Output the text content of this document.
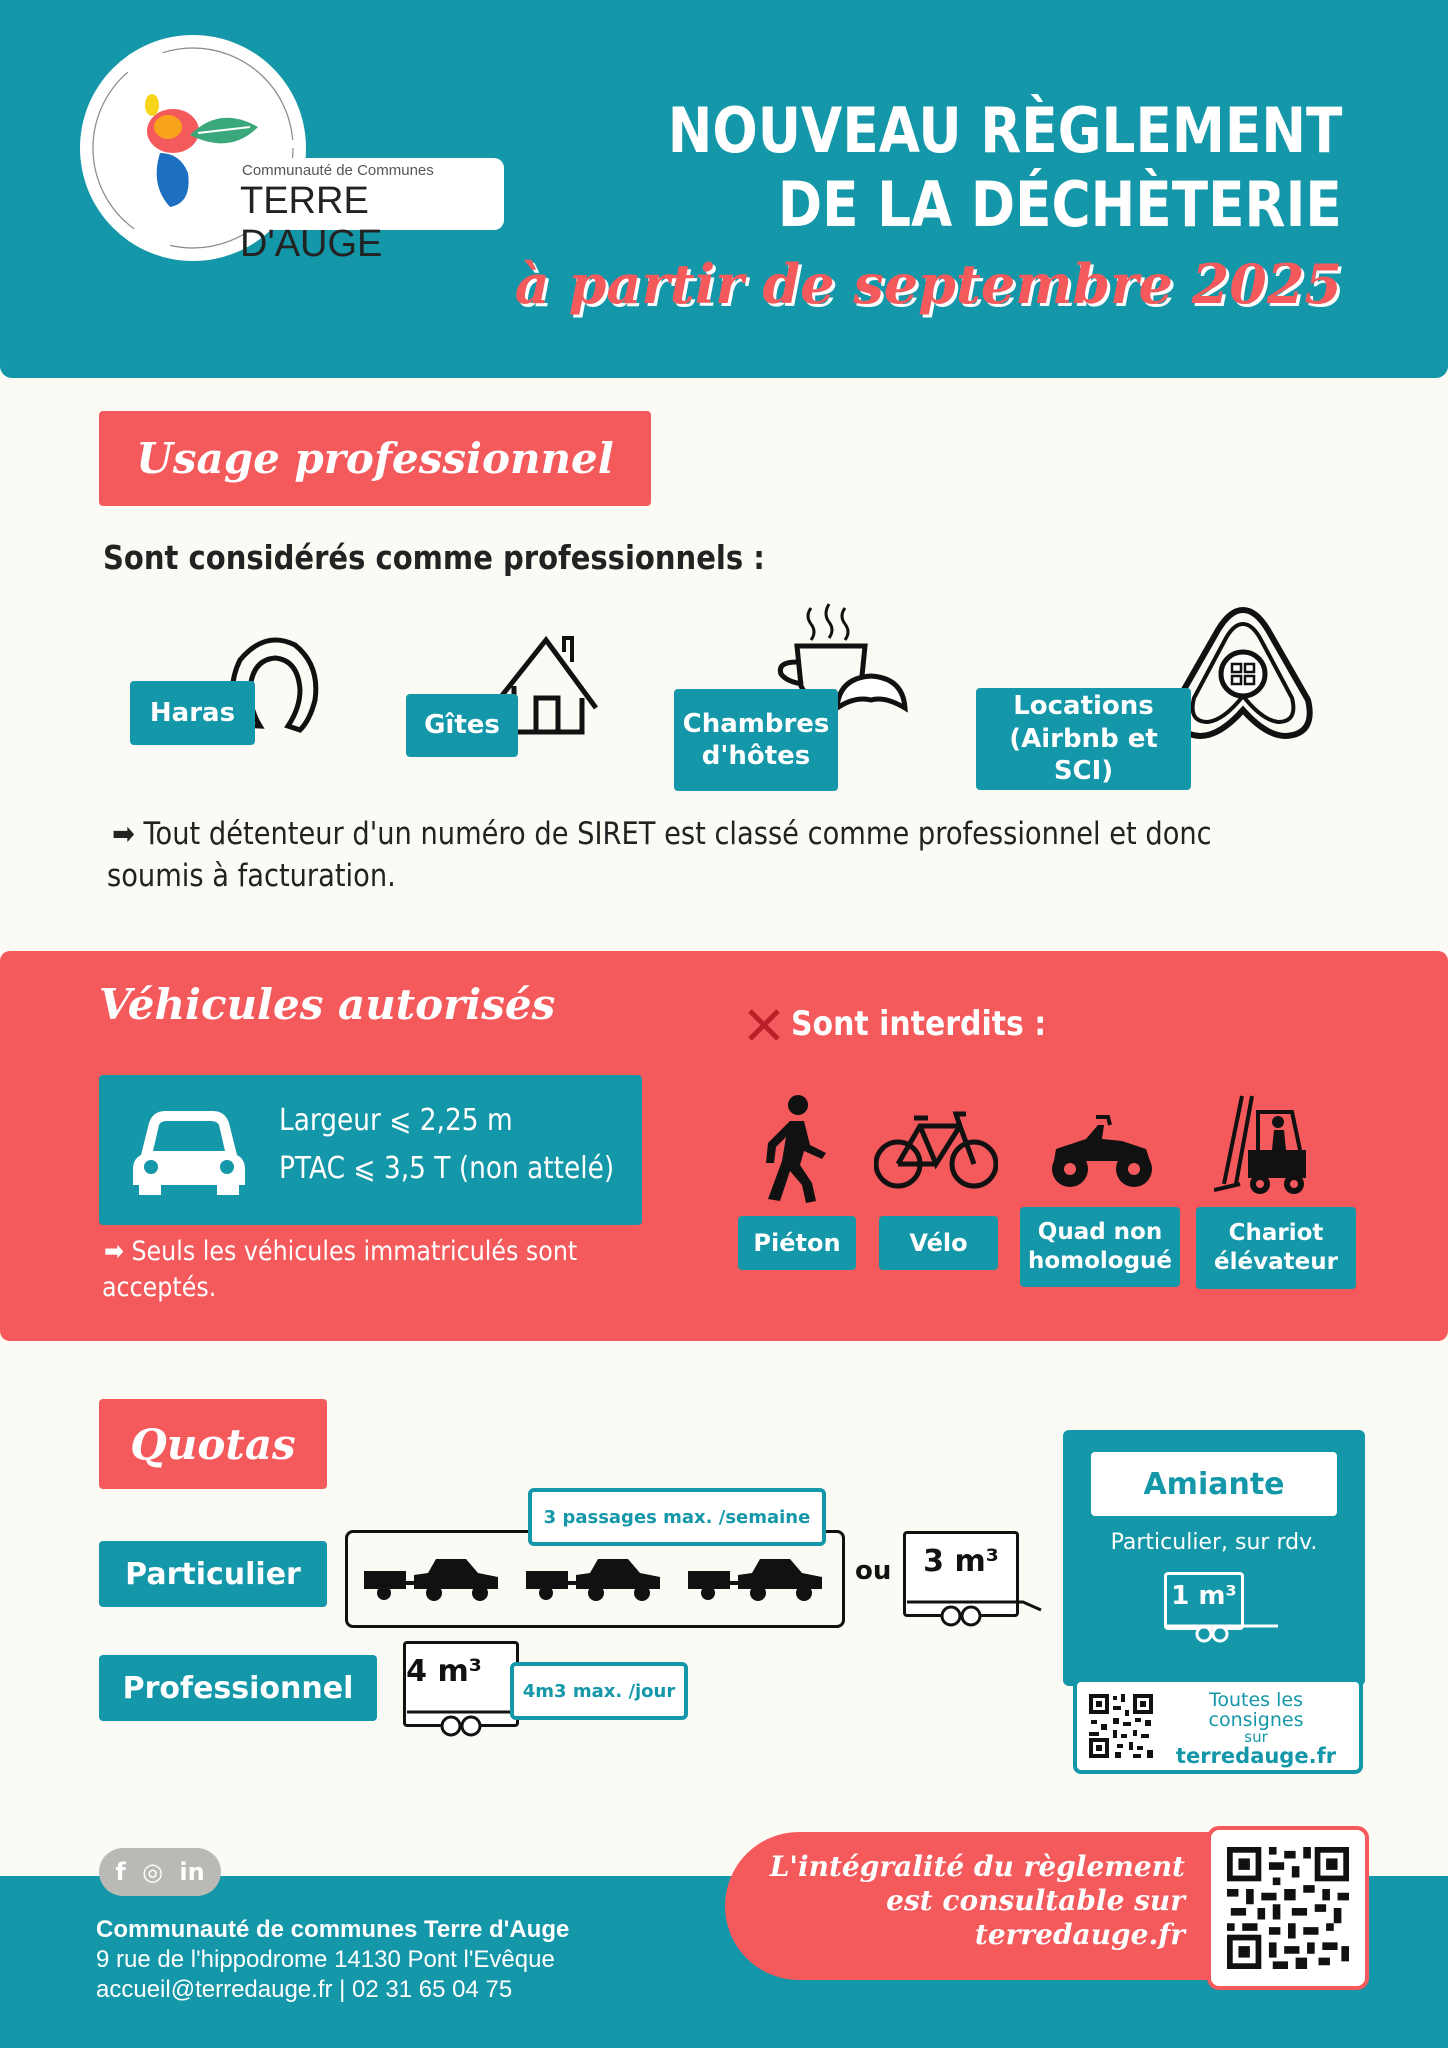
Communauté de Communes
TERRE D'AUGE
NOUVEAU RÈGLEMENT
DE LA DÉCHÈTERIE
à partir de septembre 2025
Usage professionnel
Sont considérés comme professionnels :
Haras	Gîtes	Chambres
d'hôtes
Locations
(Airbnb et SCI)
➡ Tout détenteur d'un numéro de SIRET est classé comme professionnel et donc
soumis à facturation.
Véhicules autorisés
Largeur ⩽ 2,25 m
PTAC ⩽ 3,5 T (non attelé)
➡ Seuls les véhicules immatriculés sont
acceptés.
Sont interdits :
Piéton	Vélo	Quad non
homologué
Chariot
élévateur
Quotas
Particulier
Professionnel
3 passages max. /semaine
ou	3 m³
4 m³
4m3 max. /jour
Amiante
Particulier, sur rdv.
1 m³
Toutes les consignes
sur
terredauge.fr
f ◎ in
Communauté de communes Terre d'Auge
9 rue de l'hippodrome 14130 Pont l'Evêque
accueil@terredauge.fr | 02 31 65 04 75
L'intégralité du règlement
est consultable sur
terredauge.fr
